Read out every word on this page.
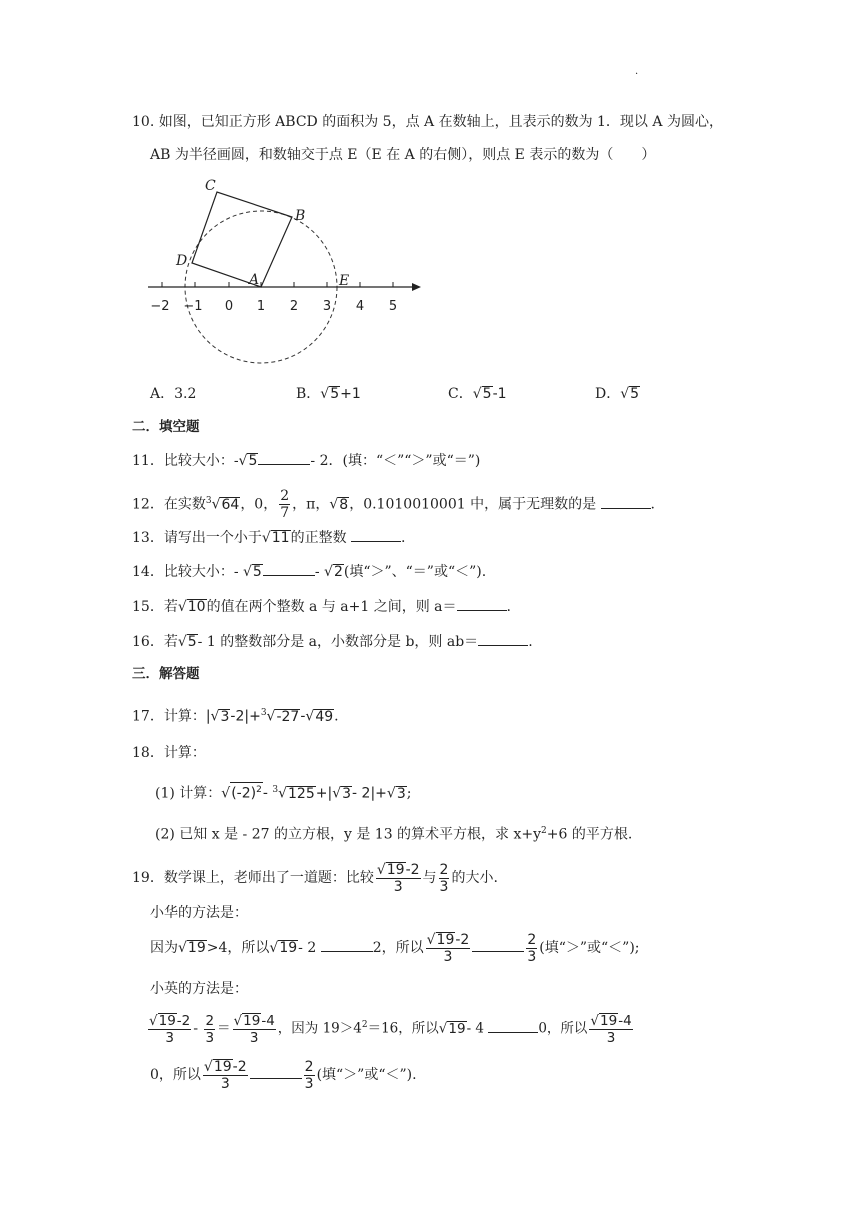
.
10. 如图，已知正方形 ABCD 的面积为 5，点 A 在数轴上，且表示的数为 1．现以 A 为圆心，
AB 为半径画圆，和数轴交于点 E（E 在 A 的右侧），则点 E 表示的数为（　　）
C
B
D
A	E
−2 −1 0 1 2 3 4 5
A．3.2	B．√5+1	C．√5-1	D．√5
二．填空题
11．比较大小：-√5	- 2．(填：“＜”“＞”或“＝”)
12．在实数$^3$√64，0， $\frac{2}{7}$ ，π，√8，0.1010010001 中，属于无理数的是	.
13．请写出一个小于√11的正整数	.
14．比较大小：- √5	- √2(填“＞”、“＝”或“＜”).
15．若√10的值在两个整数 a 与 a+1 之间，则 a＝	.
16．若√5- 1 的整数部分是 a，小数部分是 b，则 ab＝	.
三．解答题
17．计算：|√3-2|+$^3$√-27-√49.
18．计算：
(1) 计算：$√(-2)^2-$ $^3$√125+|√3- 2|+√3;
(2) 已知 x 是 - 27 的立方根，y 是 13 的算术平方根，求 $x+y^2+6$ 的平方根.
19．数学课上，老师出了一道题：比较 $\frac{√19-2}{3}$ 与 $\frac{2}{3}$ 的大小.
小华的方法是：
因为√19>4，所以√19- 2	2，所以 $\frac{√19-2}{3}$	$\frac{2}{3}$ (填“＞”或“＜”);
小英的方法是：
$\frac{√19-2}{3} - \frac{2}{3} = \frac{√19-4}{3}$ ，因为 $19>4^2=16$，所以√19- 4	0，所以 $\frac{√19-4}{3}$
0，所以 $\frac{√19-2}{3}$	$\frac{2}{3}$ (填“＞”或“＜”).
